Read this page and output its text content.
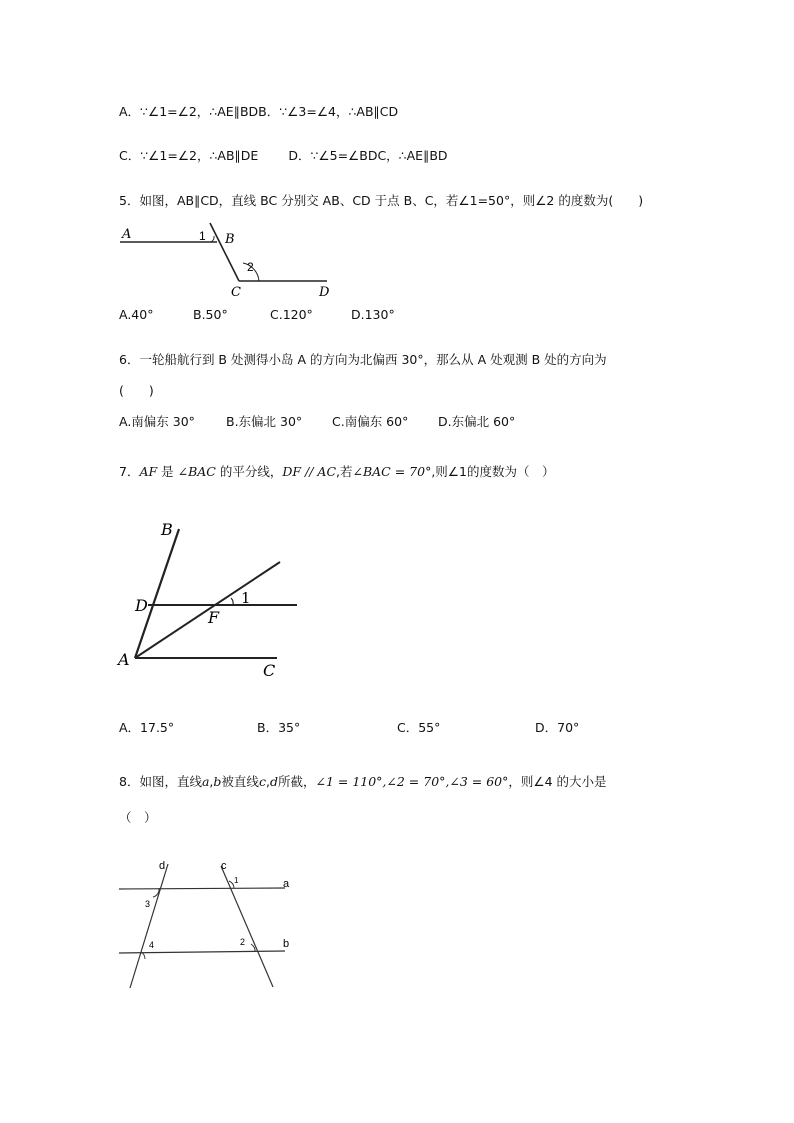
A．∵∠1=∠2，∴AE∥BDB．∵∠3=∠4，∴AB∥CD
C．∵∠1=∠2，∴AB∥DE D．∵∠5=∠BDC，∴AE∥BD
5．如图，AB∥CD，直线 BC 分别交 AB、CD 于点 B、C，若∠1=50°，则∠2 的度数为(　　)
A	B
C	D
1
2
A.40°	B.50°	C.120°	D.130°
6．一轮船航行到 B 处测得小岛 A 的方向为北偏西 30°，那么从 A 处观测 B 处的方向为
(　　)
A.南偏东 30° B.东偏北 30° C.南偏东 60° D.东偏北 60°
7．AF 是 ∠BAC 的平分线，DF // AC,若∠BAC = 70°,则∠1的度数为（　）
B
D
F
A
C
1
A．17.5°	B．35°	C．55°	D．70°
8．如图，直线a,b被直线c,d所截，∠1 = 110°,∠2 = 70°,∠3 = 60°，则∠4 的大小是
（　）
d	c
a
b
1
2
3
4
